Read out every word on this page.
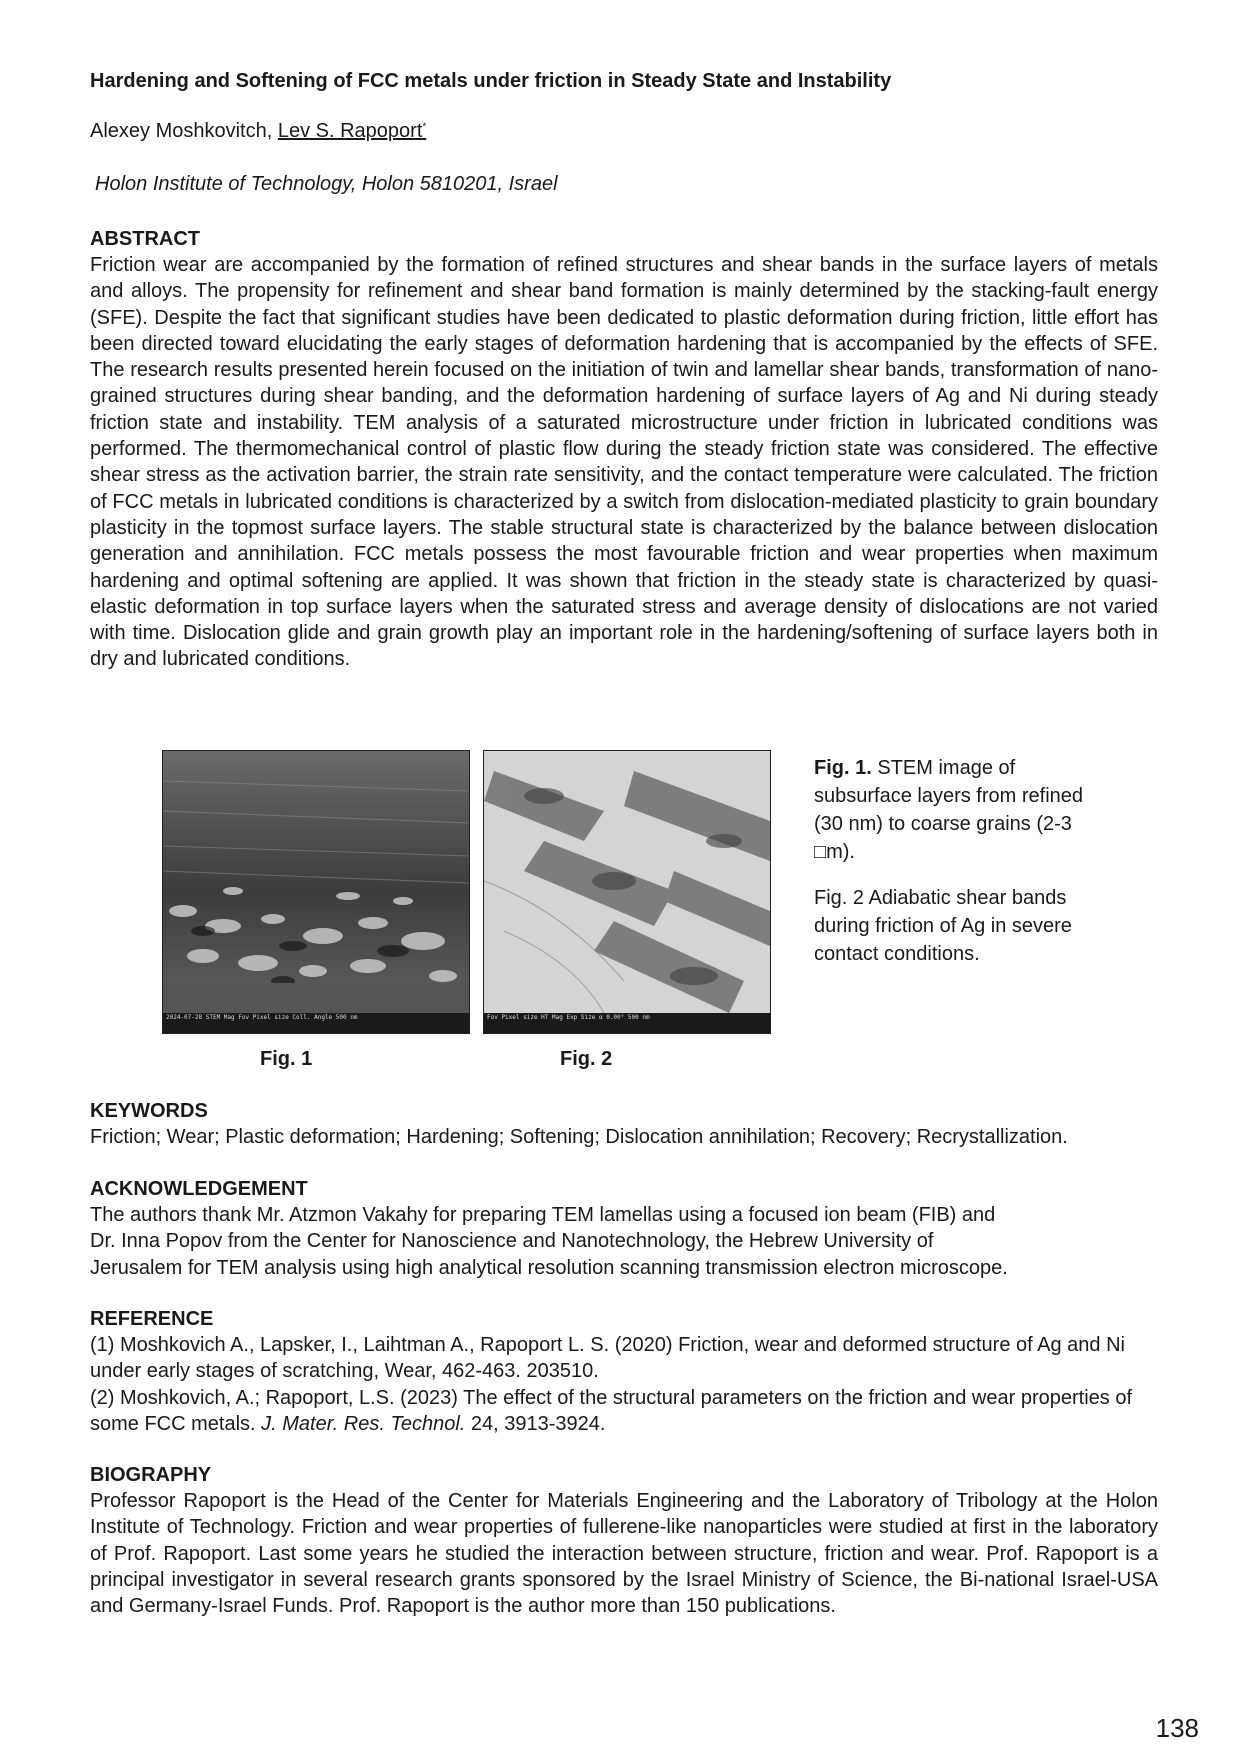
Hardening and Softening of FCC metals under friction in Steady State and Instability
Alexey Moshkovitch, Lev S. Rapoport*
Holon Institute of Technology, Holon 5810201, Israel
ABSTRACT
Friction wear are accompanied by the formation of refined structures and shear bands in the surface layers of metals and alloys. The propensity for refinement and shear band formation is mainly determined by the stacking-fault energy (SFE). Despite the fact that significant studies have been dedicated to plastic deformation during friction, little effort has been directed toward elucidating the early stages of deformation hardening that is accompanied by the effects of SFE. The research results presented herein focused on the initiation of twin and lamellar shear bands, transformation of nano-grained structures during shear banding, and the deformation hardening of surface layers of Ag and Ni during steady friction state and instability. TEM analysis of a saturated microstructure under friction in lubricated conditions was performed. The thermomechanical control of plastic flow during the steady friction state was considered. The effective shear stress as the activation barrier, the strain rate sensitivity, and the contact temperature were calculated. The friction of FCC metals in lubricated conditions is characterized by a switch from dislocation-mediated plasticity to grain boundary plasticity in the topmost surface layers. The stable structural state is characterized by the balance between dislocation generation and annihilation. FCC metals possess the most favourable friction and wear properties when maximum hardening and optimal softening are applied. It was shown that friction in the steady state is characterized by quasi-elastic deformation in top surface layers when the saturated stress and average density of dislocations are not varied with time. Dislocation glide and grain growth play an important role in the hardening/softening of surface layers both in dry and lubricated conditions.
2024-07-28 STEM Mag Fov Pixel size Coll. Angle 500 nm	Fov Pixel size HT Mag Exp Size α 0.00° 500 nm
Fig. 1	Fig. 2
Fig. 1. STEM image of subsurface layers from refined (30 nm) to coarse grains (2-3 □m).
Fig. 2 Adiabatic shear bands during friction of Ag in severe contact conditions.
KEYWORDS
Friction; Wear; Plastic deformation; Hardening; Softening; Dislocation annihilation; Recovery; Recrystallization.
ACKNOWLEDGEMENT
The authors thank Mr. Atzmon Vakahy for preparing TEM lamellas using a focused ion beam (FIB) and
Dr. Inna Popov from the Center for Nanoscience and Nanotechnology, the Hebrew University of
Jerusalem for TEM analysis using high analytical resolution scanning transmission electron microscope.
REFERENCE
(1) Moshkovich A., Lapsker, I., Laihtman A., Rapoport L. S. (2020) Friction, wear and deformed structure of Ag and Ni under early stages of scratching, Wear, 462-463. 203510.
(2) Moshkovich, A.; Rapoport, L.S. (2023) The effect of the structural parameters on the friction and wear properties of some FCC metals. J. Mater. Res. Technol. 24, 3913-3924.
BIOGRAPHY
Professor Rapoport is the Head of the Center for Materials Engineering and the Laboratory of Tribology at the Holon Institute of Technology. Friction and wear properties of fullerene-like nanoparticles were studied at first in the laboratory of Prof. Rapoport. Last some years he studied the interaction between structure, friction and wear. Prof. Rapoport is a principal investigator in several research grants sponsored by the Israel Ministry of Science, the Bi-national Israel-USA and Germany-Israel Funds. Prof. Rapoport is the author more than 150 publications.
138
